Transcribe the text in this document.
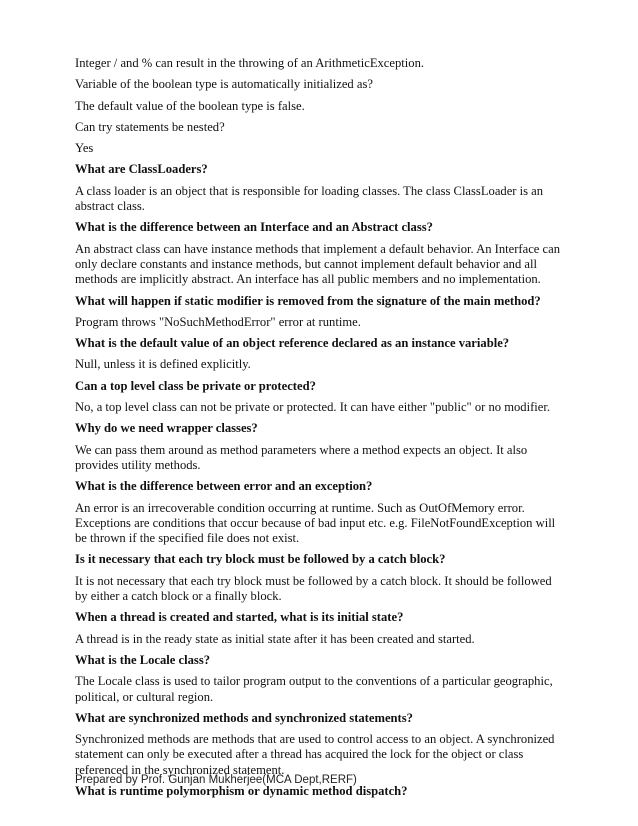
Integer / and % can result in the throwing of an ArithmeticException.

Variable of the boolean type is automatically initialized as?

The default value of the boolean type is false.

Can try statements be nested?

Yes

What are ClassLoaders?

A class loader is an object that is responsible for loading classes. The class ClassLoader is an abstract class.

What is the difference between an Interface and an Abstract class?

An abstract class can have instance methods that implement a default behavior. An Interface can only declare constants and instance methods, but cannot implement default behavior and all methods are implicitly abstract. An interface has all public members and no implementation.

What will happen if static modifier is removed from the signature of the main method?

Program throws "NoSuchMethodError" error at runtime.

What is the default value of an object reference declared as an instance variable?

Null, unless it is defined explicitly.

Can a top level class be private or protected?

No, a top level class can not be private or protected. It can have either "public" or no modifier.

Why do we need wrapper classes?

We can pass them around as method parameters where a method expects an object. It also provides utility methods.

What is the difference between error and an exception?

An error is an irrecoverable condition occurring at runtime. Such as OutOfMemory error. Exceptions are conditions that occur because of bad input etc. e.g. FileNotFoundException will be thrown if the specified file does not exist.

Is it necessary that each try block must be followed by a catch block?

It is not necessary that each try block must be followed by a catch block. It should be followed by either a catch block or a finally block.

When a thread is created and started, what is its initial state?

A thread is in the ready state as initial state after it has been created and started.

What is the Locale class?

The Locale class is used to tailor program output to the conventions of a particular geographic, political, or cultural region.

What are synchronized methods and synchronized statements?

Synchronized methods are methods that are used to control access to an object. A synchronized statement can only be executed after a thread has acquired the lock for the object or class referenced in the synchronized statement.

What is runtime polymorphism or dynamic method dispatch?

Prepared by Prof. Gunjan Mukherjee(MCA Dept,RERF)
